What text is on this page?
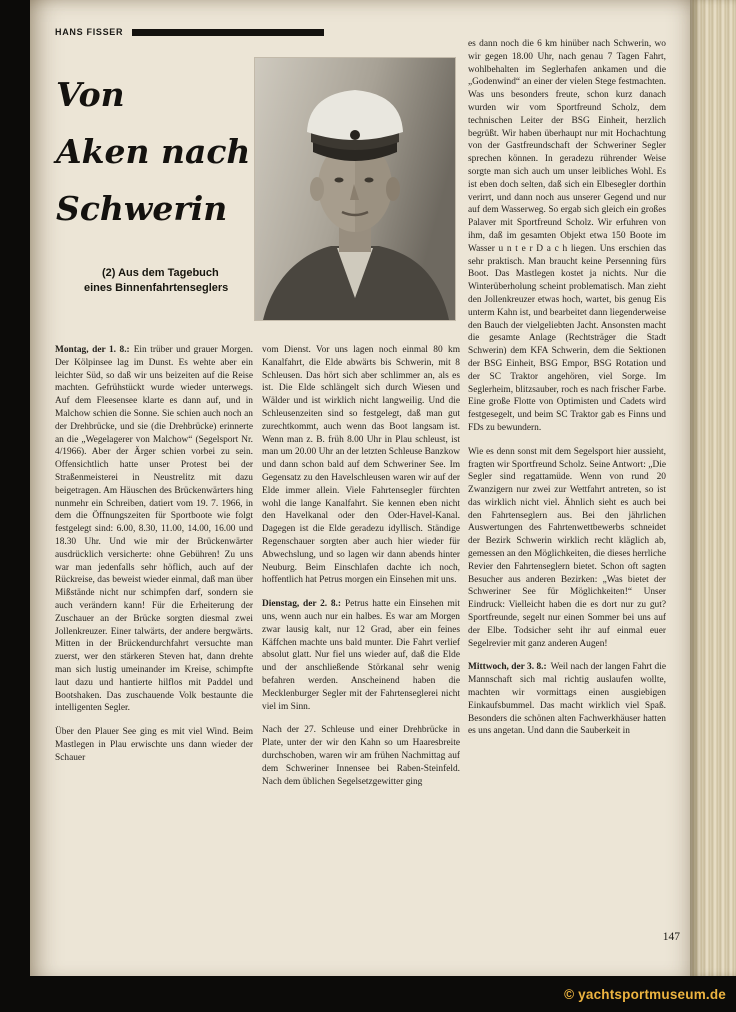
HANS FISSER
Von
Aken nach
Schwerin
(2) Aus dem Tagebuch
eines Binnenfahrtenseglers

Montag, der 1. 8.: Ein trüber und grauer Morgen. Der Kölpinsee lag im Dunst. Es wehte aber ein leichter Süd, so daß wir uns beizeiten auf die Reise machten. Gefrühstückt wurde wieder unterwegs. Auf dem Fleesensee klarte es dann auf, und in Malchow schien die Sonne. Sie schien auch noch an der Drehbrücke, und sie (die Drehbrücke) erinnerte an die „Wegelagerer von Malchow“ (Segelsport Nr. 4/1966). Aber der Ärger schien vorbei zu sein. Offensichtlich hatte unser Protest bei der Straßenmeisterei in Neustrelitz mit dazu beigetragen. Am Häuschen des Brückenwärters hing nunmehr ein Schreiben, datiert vom 19. 7. 1966, in dem die Öffnungszeiten für Sportboote wie folgt festgelegt sind: 6.00, 8.30, 11.00, 14.00, 16.00 und 18.30 Uhr. Und wie mir der Brückenwärter ausdrücklich versicherte: ohne Gebühren! Zu uns war man jedenfalls sehr höflich, auch auf der Rückreise, das beweist wieder einmal, daß man über Mißstände nicht nur schimpfen darf, sondern sie auch verändern kann! Für die Erheiterung der Zuschauer an der Brücke sorgten diesmal zwei Jollenkreuzer. Einer talwärts, der andere bergwärts. Mitten in der Brückendurchfahrt versuchte man zuerst, wer den stärkeren Steven hat, dann drehte man sich lustig umeinander im Kreise, schimpfte laut dazu und hantierte hilflos mit Paddel und Bootshaken. Das zuschauende Volk bestaunte die intelligenten Segler.

Über den Plauer See ging es mit viel Wind. Beim Mastlegen in Plau erwischte uns dann wieder der Schauer

vom Dienst. Vor uns lagen noch einmal 80 km Kanalfahrt, die Elde abwärts bis Schwerin, mit 8 Schleusen. Das hört sich aber schlimmer an, als es ist. Die Elde schlängelt sich durch Wiesen und Wälder und ist wirklich nicht langweilig. Und die Schleusenzeiten sind so festgelegt, daß man gut zurechtkommt, auch wenn das Boot langsam ist. Wenn man z. B. früh 8.00 Uhr in Plau schleust, ist man um 20.00 Uhr an der letzten Schleuse Banzkow und dann schon bald auf dem Schweriner See. Im Gegensatz zu den Havelschleusen waren wir auf der Elde immer allein. Viele Fahrtensegler fürchten wohl die lange Kanalfahrt. Sie kennen eben nicht den Havelkanal oder den Oder-Havel-Kanal. Dagegen ist die Elde geradezu idyllisch. Ständige Regenschauer sorgten aber auch hier wieder für Abwechslung, und so lagen wir dann abends hinter Neuburg. Beim Einschlafen dachte ich noch, hoffentlich hat Petrus morgen ein Einsehen mit uns.

Dienstag, der 2. 8.: Petrus hatte ein Einsehen mit uns, wenn auch nur ein halbes. Es war am Morgen zwar lausig kalt, nur 12 Grad, aber ein feines Käffchen machte uns bald munter. Die Fahrt verlief absolut glatt. Nur fiel uns wieder auf, daß die Elde und der anschließende Störkanal sehr wenig befahren werden. Anscheinend haben die Mecklenburger Segler mit der Fahrtenseglerei nicht viel im Sinn.

Nach der 27. Schleuse und einer Drehbrücke in Plate, unter der wir den Kahn so um Haaresbreite durchschoben, waren wir am frühen Nachmittag auf dem Schweriner Innensee bei Raben-Steinfeld. Nach dem üblichen Segelsetzgewitter ging

es dann noch die 6 km hinüber nach Schwerin, wo wir gegen 18.00 Uhr, nach genau 7 Tagen Fahrt, wohlbehalten im Seglerhafen ankamen und die „Godenwind“ an einer der vielen Stege festmachten. Was uns besonders freute, schon kurz danach wurden wir vom Sportfreund Scholz, dem technischen Leiter der BSG Einheit, herzlich begrüßt. Wir haben überhaupt nur mit Hochachtung von der Gastfreundschaft der Schweriner Segler sprechen können. In geradezu rührender Weise sorgte man sich auch um unser leibliches Wohl. Es ist eben doch selten, daß sich ein Elbesegler dorthin verirrt, und dann noch aus unserer Gegend und nur auf dem Wasserweg. So ergab sich gleich ein großes Palaver mit Sportfreund Scholz. Wir erfuhren von ihm, daß im gesamten Objekt etwa 150 Boote im Wasser u n t e r D a c h liegen. Uns erschien das sehr praktisch. Man braucht keine Persenning fürs Boot. Das Mastlegen kostet ja nichts. Nur die Winterüberholung scheint problematisch. Man zieht den Jollenkreuzer etwas hoch, wartet, bis genug Eis unterm Kahn ist, und bearbeitet dann liegenderweise den Bauch der vielgeliebten Jacht. Ansonsten macht die gesamte Anlage (Rechtsträger die Stadt Schwerin) dem KFA Schwerin, dem die Sektionen der BSG Einheit, BSG Empor, BSG Rotation und der SC Traktor angehören, viel Sorge. Im Seglerheim, blitzsauber, roch es nach frischer Farbe. Eine große Flotte von Optimisten und Cadets wird festgesegelt, und beim SC Traktor gab es Finns und FDs zu bewundern.

Wie es denn sonst mit dem Segelsport hier aussieht, fragten wir Sportfreund Scholz. Seine Antwort: „Die Segler sind regattamüde. Wenn von rund 20 Zwanzigern nur zwei zur Wettfahrt antreten, so ist das wirklich nicht viel. Ähnlich sieht es auch bei den Fahrtenseglern aus. Bei den jährlichen Auswertungen des Fahrtenwettbewerbs schneidet der Bezirk Schwerin wirklich recht kläglich ab, gemessen an den Möglichkeiten, die dieses herrliche Revier den Fahrtenseglern bietet. Schon oft sagten Besucher aus anderen Bezirken: „Was bietet der Schweriner See für Möglichkeiten!“ Unser Eindruck: Vielleicht haben die es dort nur zu gut? Sportfreunde, segelt nur einen Sommer bei uns auf der Elbe. Todsicher seht ihr auf einmal euer Segelrevier mit ganz anderen Augen!

Mittwoch, der 3. 8.: Weil nach der langen Fahrt die Mannschaft sich mal richtig auslaufen wollte, machten wir vormittags einen ausgiebigen Einkaufsbummel. Das macht wirklich viel Spaß. Besonders die schönen alten Fachwerkhäuser hatten es uns angetan. Und dann die Sauberkeit in

147
© yachtsportmuseum.de
